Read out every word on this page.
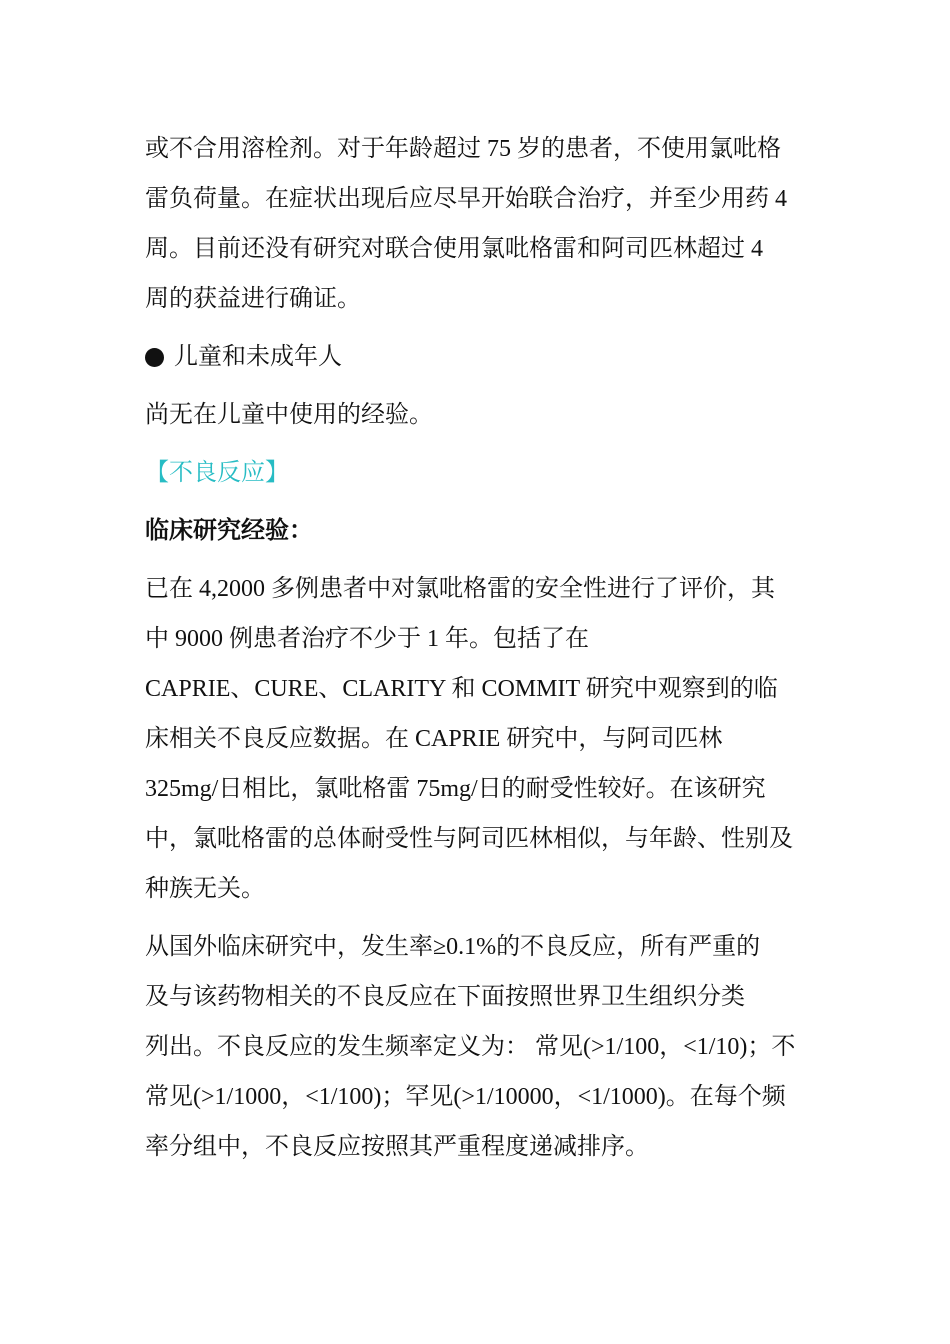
或不合用溶栓剂。对于年龄超过 75 岁的患者，不使用氯吡格
雷负荷量。在症状出现后应尽早开始联合治疗，并至少用药 4
周。目前还没有研究对联合使用氯吡格雷和阿司匹林超过 4
周的获益进行确证。
儿童和未成年人
尚无在儿童中使用的经验。
【不良反应】
临床研究经验：
已在 4,2000 多例患者中对氯吡格雷的安全性进行了评价，其
中 9000 例患者治疗不少于 1 年。包括了在
CAPRIE、CURE、CLARITY 和 COMMIT 研究中观察到的临
床相关不良反应数据。在 CAPRIE 研究中，与阿司匹林
325mg/日相比，氯吡格雷 75mg/日的耐受性较好。在该研究
中，氯吡格雷的总体耐受性与阿司匹林相似，与年龄、性别及
种族无关。
从国外临床研究中，发生率≥0.1%的不良反应，所有严重的
及与该药物相关的不良反应在下面按照世界卫生组织分类
列出。不良反应的发生频率定义为： 常见(>1/100，<1/10)；不
常见(>1/1000，<1/100)；罕见(>1/10000，<1/1000)。在每个频
率分组中，不良反应按照其严重程度递减排序。
